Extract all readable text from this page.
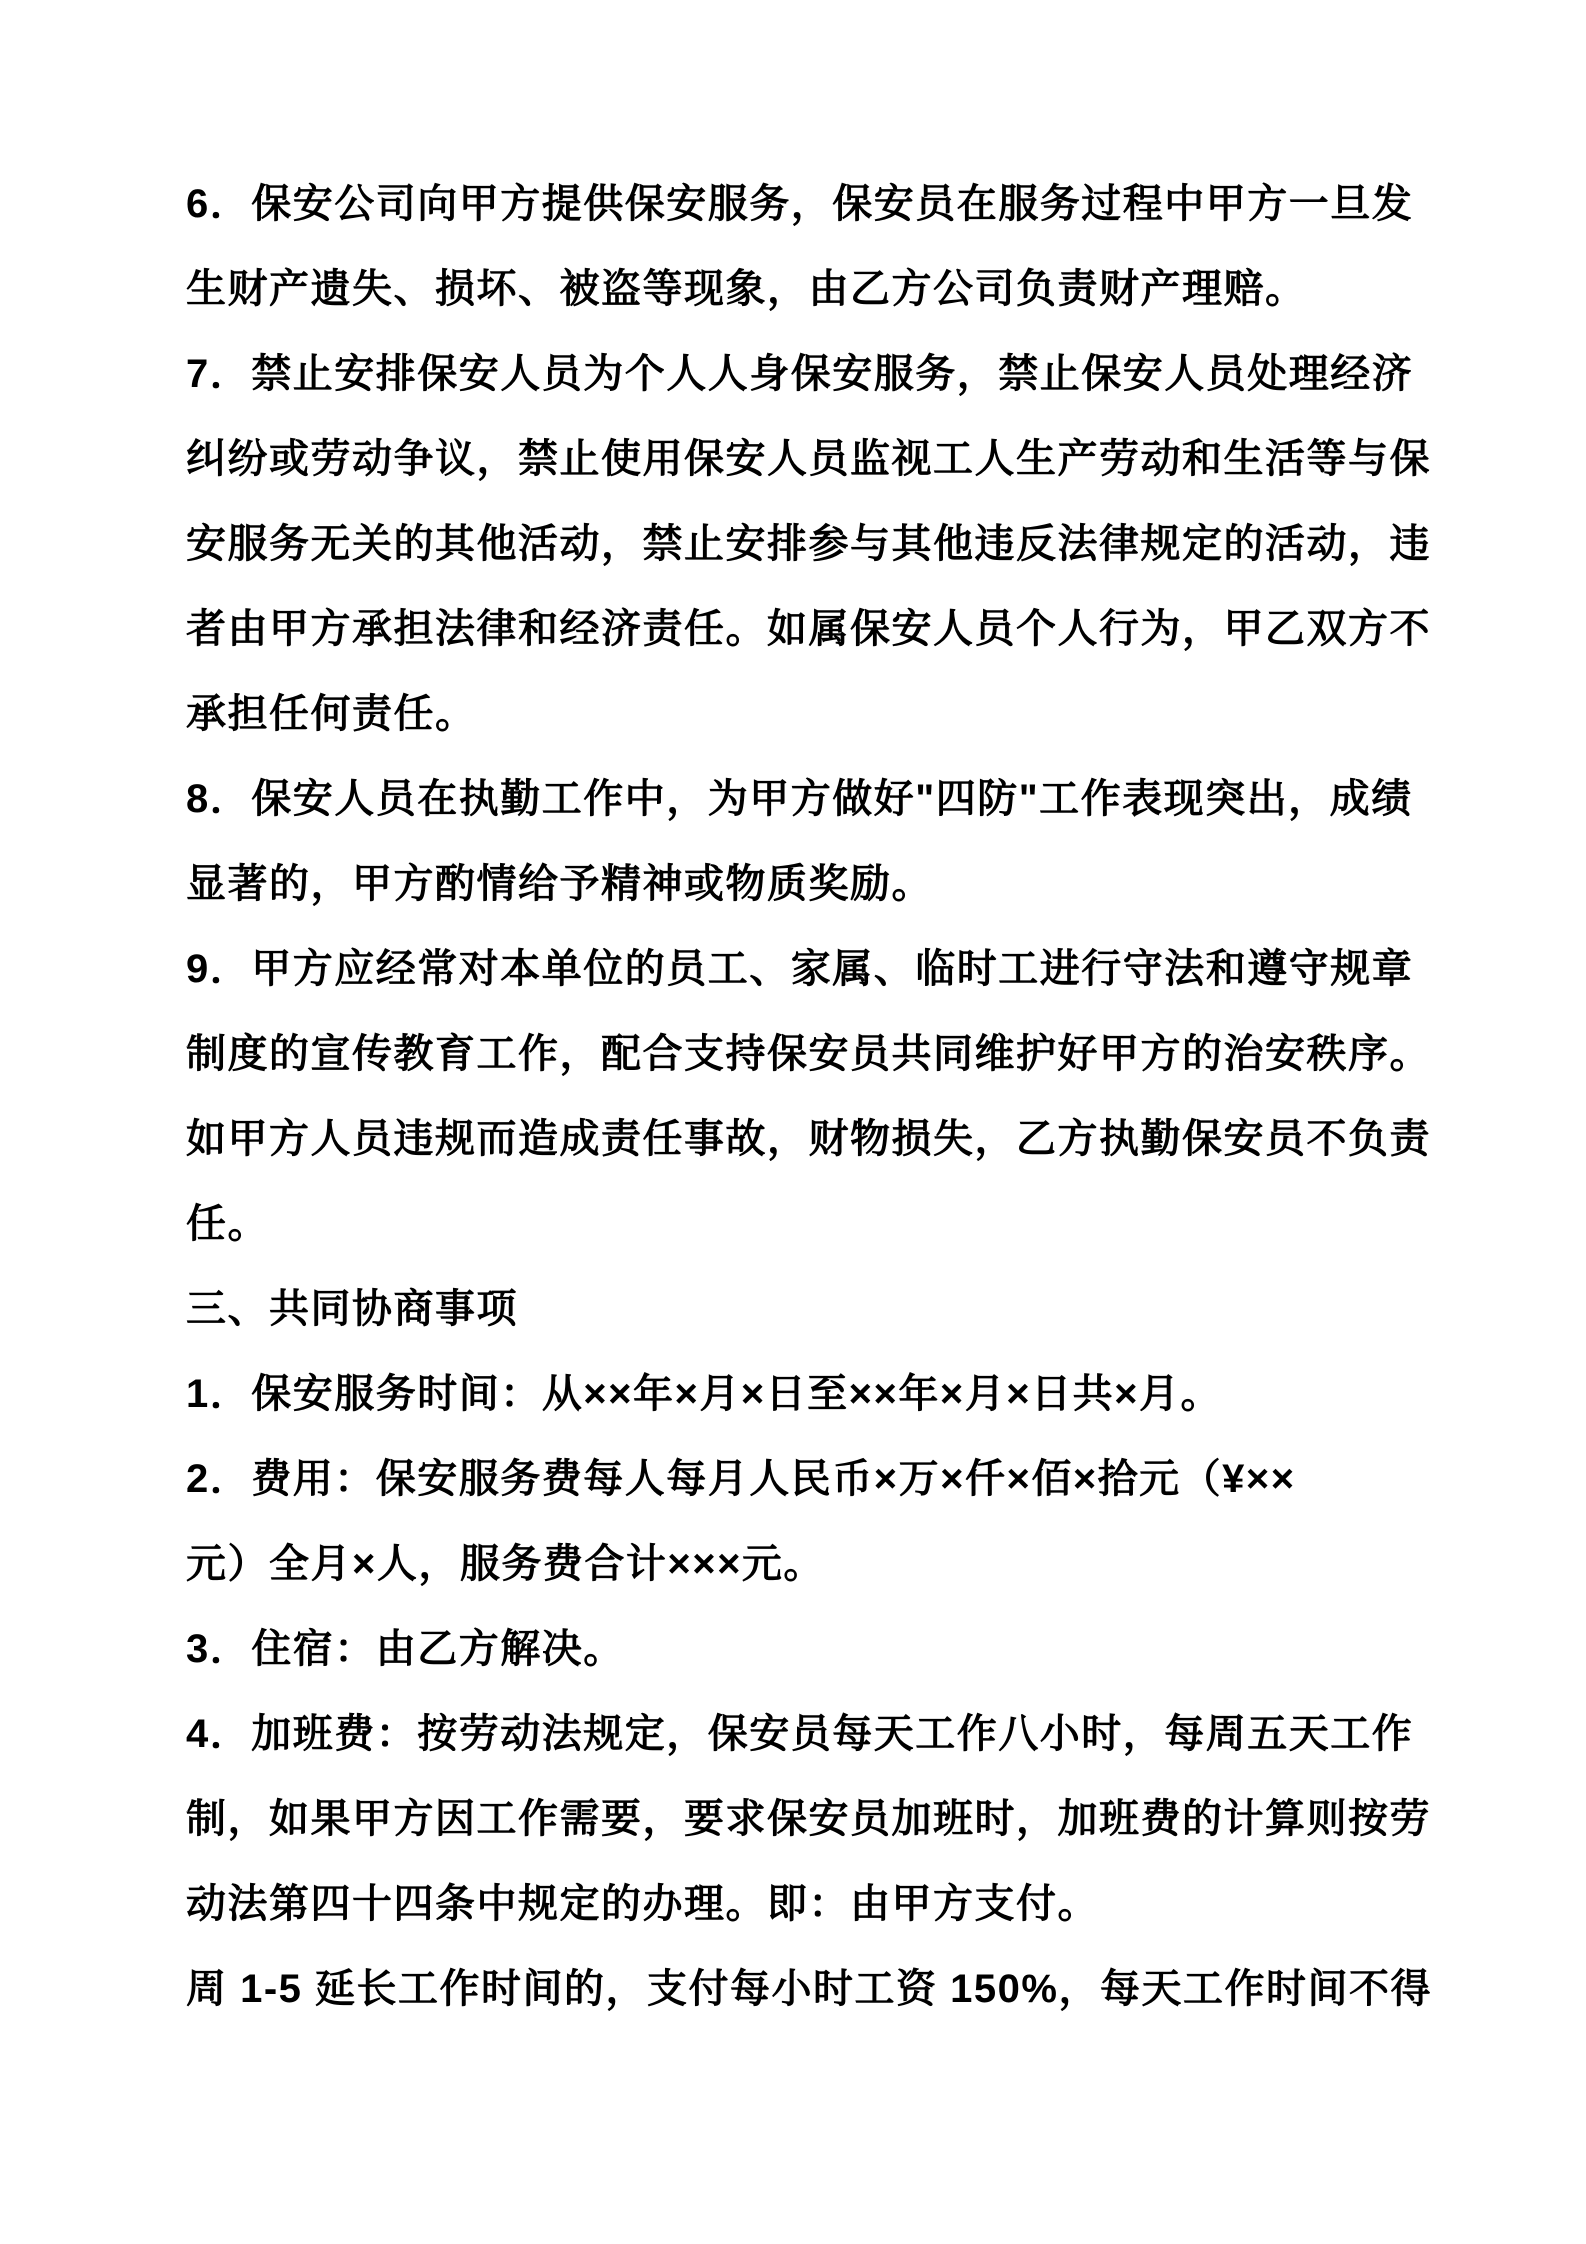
6．保安公司向甲方提供保安服务，保安员在服务过程中甲方一旦发
生财产遗失、损坏、被盗等现象，由乙方公司负责财产理赔。
7．禁止安排保安人员为个人人身保安服务，禁止保安人员处理经济
纠纷或劳动争议，禁止使用保安人员监视工人生产劳动和生活等与保
安服务无关的其他活动，禁止安排参与其他违反法律规定的活动，违
者由甲方承担法律和经济责任。如属保安人员个人行为，甲乙双方不
承担任何责任。
8．保安人员在执勤工作中，为甲方做好"四防"工作表现突出，成绩
显著的，甲方酌情给予精神或物质奖励。
9．甲方应经常对本单位的员工、家属、临时工进行守法和遵守规章
制度的宣传教育工作，配合支持保安员共同维护好甲方的治安秩序。
如甲方人员违规而造成责任事故，财物损失，乙方执勤保安员不负责
任。
三、共同协商事项
1．保安服务时间：从××年×月×日至××年×月×日共×月。
2．费用：保安服务费每人每月人民币×万×仟×佰×拾元（¥××
元）全月×人，服务费合计×××元。
3．住宿：由乙方解决。
4．加班费：按劳动法规定，保安员每天工作八小时，每周五天工作
制，如果甲方因工作需要，要求保安员加班时，加班费的计算则按劳
动法第四十四条中规定的办理。即：由甲方支付。
周 1-5 延长工作时间的，支付每小时工资 150%，每天工作时间不得
